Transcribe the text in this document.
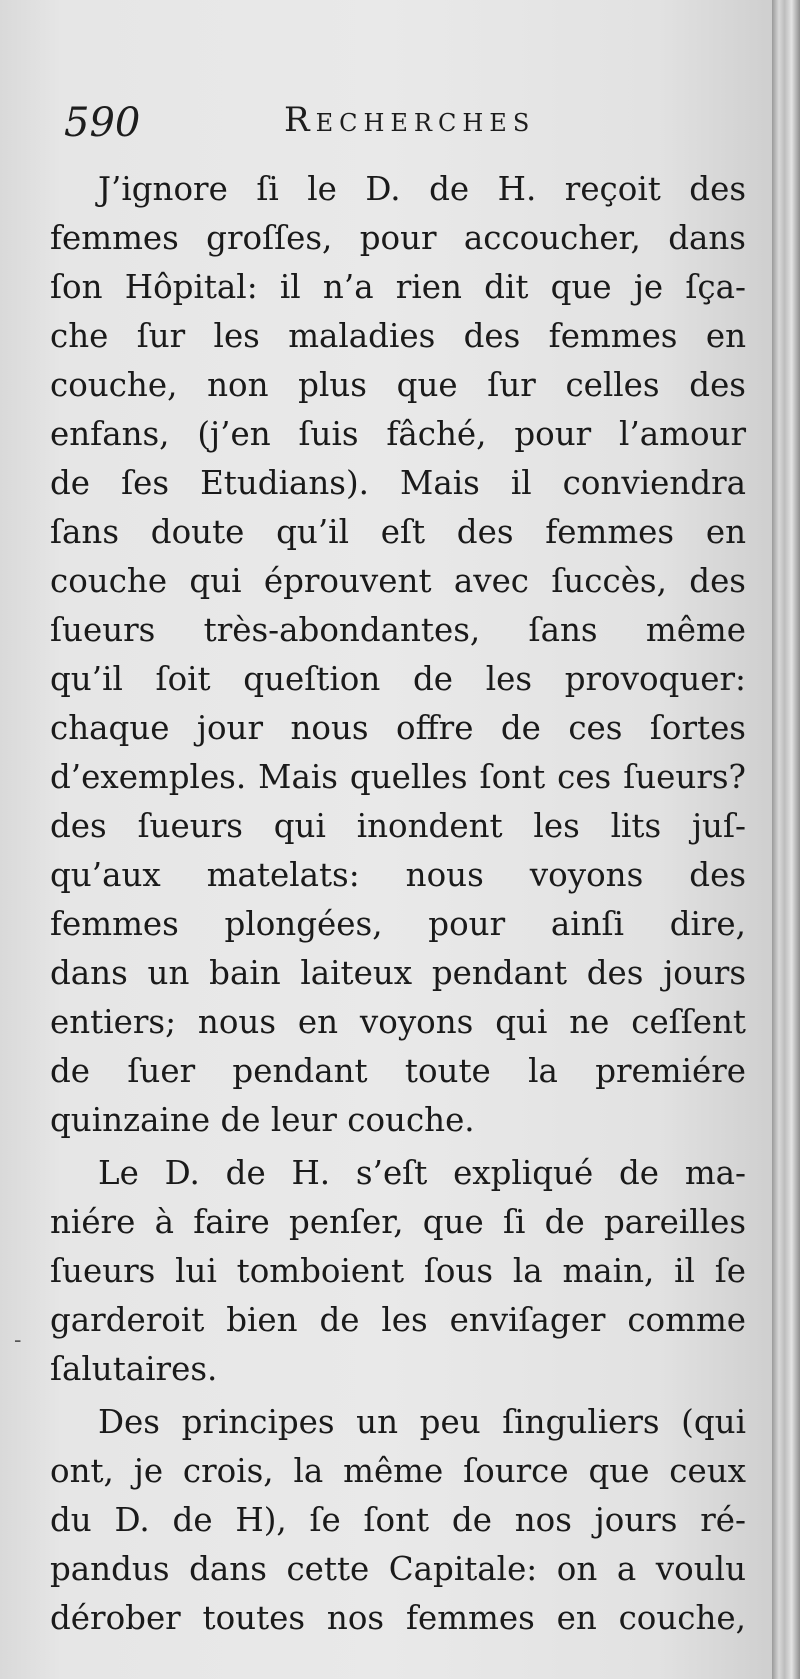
590	Recherches
-
J’ignore ſi le D. de H. reçoit des
femmes groſſes, pour accoucher, dans
ſon Hôpital: il n’a rien dit que je ſça-
che ſur les maladies des femmes en
couche, non plus que ſur celles des
enfans, (j’en ſuis fâché, pour l’amour
de ſes Etudians). Mais il conviendra
ſans doute qu’il eſt des femmes en
couche qui éprouvent avec ſuccès, des
ſueurs très-abondantes, ſans même
qu’il ſoit queſtion de les provoquer:
chaque jour nous offre de ces ſortes
d’exemples. Mais quelles ſont ces ſueurs?
des ſueurs qui inondent les lits juſ-
qu’aux matelats: nous voyons des
femmes plongées, pour ainſi dire,
dans un bain laiteux pendant des jours
entiers; nous en voyons qui ne ceſſent
de ſuer pendant toute la premiére
quinzaine de leur couche.
Le D. de H. s’eſt expliqué de ma-
niére à faire penſer, que ſi de pareilles
ſueurs lui tomboient ſous la main, il ſe
garderoit bien de les enviſager comme
ſalutaires.
Des principes un peu ſinguliers (qui
ont, je crois, la même ſource que ceux
du D. de H), ſe ſont de nos jours ré-
pandus dans cette Capitale: on a voulu
dérober toutes nos femmes en couche,
